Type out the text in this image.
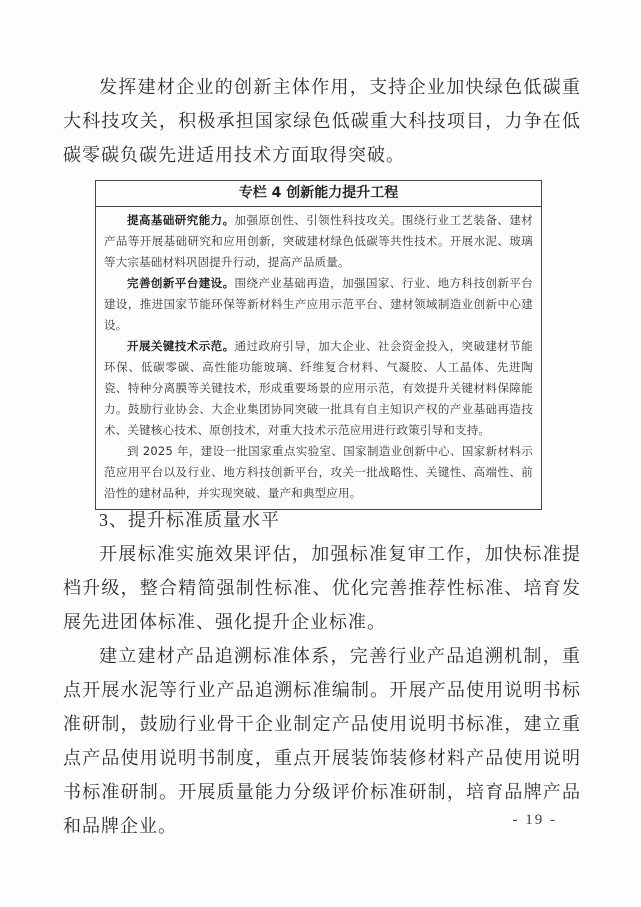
发挥建材企业的创新主体作用，支持企业加快绿色低碳重大科技攻关，积极承担国家绿色低碳重大科技项目，力争在低碳零碳负碳先进适用技术方面取得突破。

专栏 4 创新能力提升工程

提高基础研究能力。加强原创性、引领性科技攻关。围绕行业工艺装备、建材产品等开展基础研究和应用创新，突破建材绿色低碳等共性技术。开展水泥、玻璃等大宗基础材料巩固提升行动，提高产品质量。

完善创新平台建设。围绕产业基础再造，加强国家、行业、地方科技创新平台建设，推进国家节能环保等新材料生产应用示范平台、建材领域制造业创新中心建设。

开展关键技术示范。通过政府引导，加大企业、社会资金投入，突破建材节能环保、低碳零碳、高性能功能玻璃、纤维复合材料、气凝胶、人工晶体、先进陶瓷、特种分离膜等关键技术，形成重要场景的应用示范，有效提升关键材料保障能力。鼓励行业协会、大企业集团协同突破一批具有自主知识产权的产业基础再造技术、关键核心技术、原创技术，对重大技术示范应用进行政策引导和支持。

到 2025 年，建设一批国家重点实验室、国家制造业创新中心、国家新材料示范应用平台以及行业、地方科技创新平台，攻关一批战略性、关键性、高端性、前沿性的建材品种，并实现突破、量产和典型应用。

3、提升标准质量水平

开展标准实施效果评估，加强标准复审工作，加快标准提档升级，整合精简强制性标准、优化完善推荐性标准、培育发展先进团体标准、强化提升企业标准。

建立建材产品追溯标准体系，完善行业产品追溯机制，重点开展水泥等行业产品追溯标准编制。开展产品使用说明书标准研制，鼓励行业骨干企业制定产品使用说明书标准，建立重点产品使用说明书制度，重点开展装饰装修材料产品使用说明书标准研制。开展质量能力分级评价标准研制，培育品牌产品和品牌企业。	- 19 -
